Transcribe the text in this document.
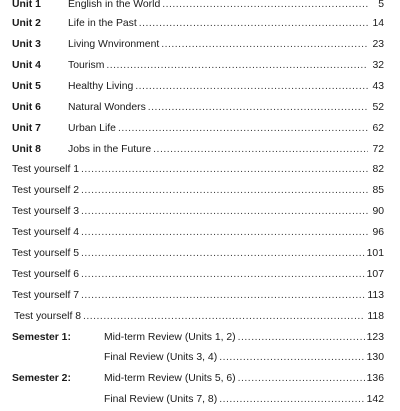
Unit 1	English in the World .....	5
Unit 2	Life in the Past .....	14
Unit 3	Living Wnvironment .....	23
Unit 4	Tourism .....	32
Unit 5	Healthy Living .....	43
Unit 6	Natural Wonders .....	52
Unit 7	Urban Life .....	62
Unit 8	Jobs in the Future .....	72
Test yourself 1 .....	82
Test yourself 2 .....	85
Test yourself 3 .....	90
Test yourself 4 .....	96
Test yourself 5 .....	101
Test yourself 6 .....	107
Test yourself 7 .....	113
Test yourself 8 .....	118
Semester 1:	Mid-term Review (Units 1, 2) .....	123
Final Review (Units 3, 4) .....	130
Semester 2:	Mid-term Review (Units 5, 6) .....	136
Final Review (Units 7, 8) .....	142
